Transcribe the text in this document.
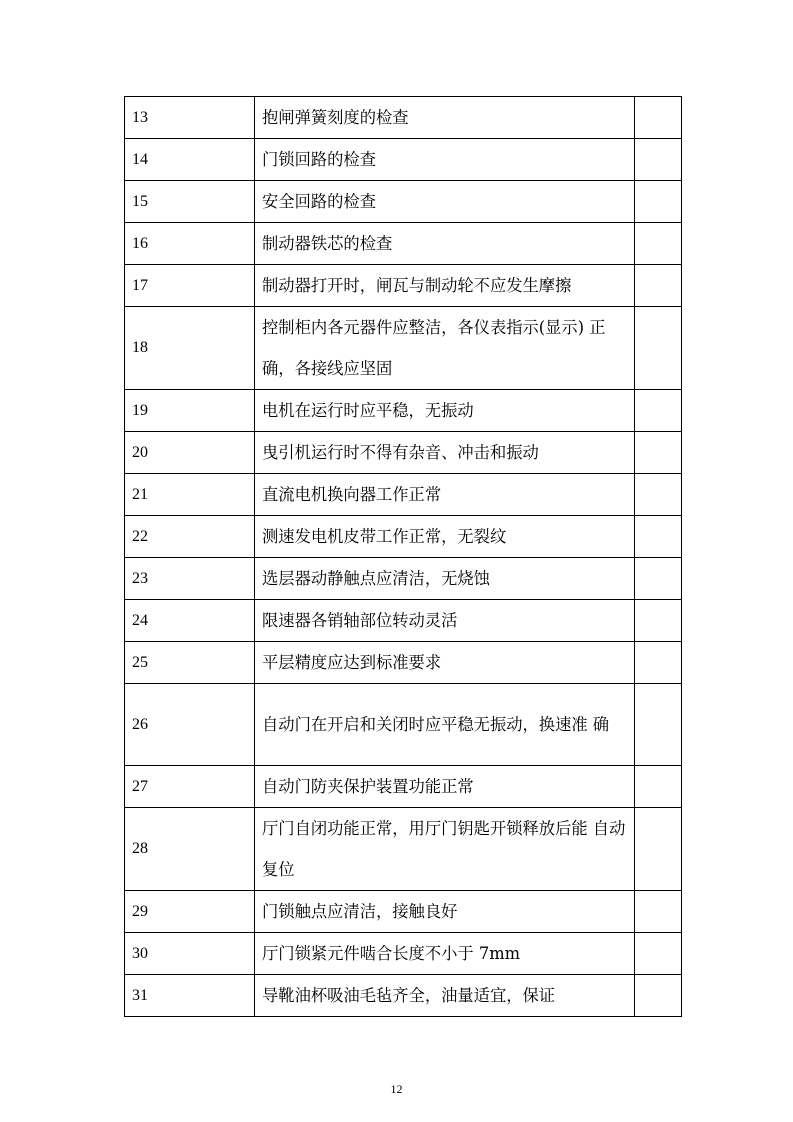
13	抱闸弹簧刻度的检查	
14	门锁回路的检查	
15	安全回路的检查	
16	制动器铁芯的检查	
17	制动器打开时，闸瓦与制动轮不应发生摩擦	
18	控制柜内各元器件应整洁，各仪表指示(显示) 正确，各接线应坚固	
19	电机在运行时应平稳，无振动	
20	曳引机运行时不得有杂音、冲击和振动	
21	直流电机换向器工作正常	
22	测速发电机皮带工作正常，无裂纹	
23	选层器动静触点应清洁，无烧蚀	
24	限速器各销轴部位转动灵活	
25	平层精度应达到标准要求	
26	自动门在开启和关闭时应平稳无振动，换速准 确	
27	自动门防夹保护装置功能正常	
28	厅门自闭功能正常，用厅门钥匙开锁释放后能 自动复位	
29	门锁触点应清洁，接触良好	
30	厅门锁紧元件啮合长度不小于 7mm	
31	导靴油杯吸油毛毡齐全，油量适宜，保证	
12
